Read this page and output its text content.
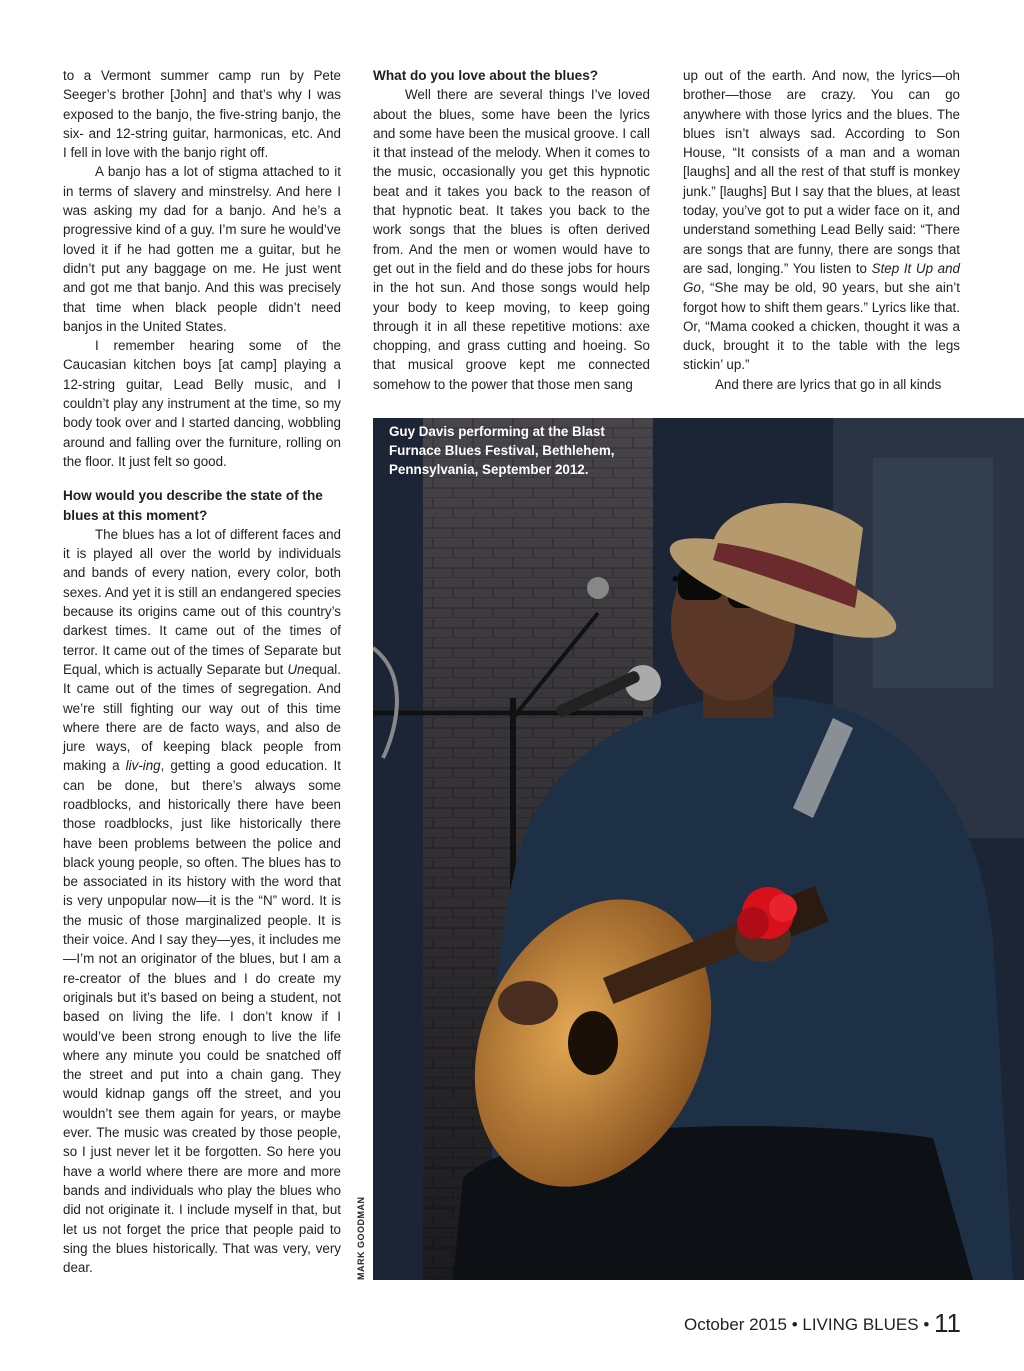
to a Vermont summer camp run by Pete Seeger’s brother [John] and that’s why I was exposed to the banjo, the five-string banjo, the six- and 12-string guitar, harmonicas, etc. And I fell in love with the banjo right off.

A banjo has a lot of stigma attached to it in terms of slavery and minstrelsy. And here I was asking my dad for a banjo. And he’s a progressive kind of a guy. I’m sure he would’ve loved it if he had gotten me a guitar, but he didn’t put any baggage on me. He just went and got me that banjo. And this was precisely that time when black people didn’t need banjos in the United States.

I remember hearing some of the Caucasian kitchen boys [at camp] playing a 12-string guitar, Lead Belly music, and I couldn’t play any instrument at the time, so my body took over and I started dancing, wobbling around and falling over the furniture, rolling on the floor. It just felt so good.

How would you describe the state of the blues at this moment?

The blues has a lot of different faces and it is played all over the world by individuals and bands of every nation, every color, both sexes. And yet it is still an endangered species because its origins came out of this country’s darkest times. It came out of the times of terror. It came out of the times of Separate but Equal, which is actually Separate but Unequal. It came out of the times of segregation. And we’re still fighting our way out of this time where there are de facto ways, and also de jure ways, of keeping black people from making a liv-ing, getting a good education. It can be done, but there’s always some roadblocks, and historically there have been those roadblocks, just like historically there have been problems between the police and black young people, so often. The blues has to be associated in its history with the word that is very unpopular now—it is the “N” word. It is the music of those marginalized people. It is their voice. And I say they—yes, it includes me—I’m not an originator of the blues, but I am a re-creator of the blues and I do create my originals but it’s based on being a student, not based on living the life. I don’t know if I would’ve been strong enough to live the life where any minute you could be snatched off the street and put into a chain gang. They would kidnap gangs off the street, and you wouldn’t see them again for years, or maybe ever. The music was created by those people, so I just never let it be forgotten. So here you have a world where there are more and more bands and individuals who play the blues who did not originate it. I include myself in that, but let us not forget the price that people paid to sing the blues historically. That was very, very dear.

What do you love about the blues?

Well there are several things I’ve loved about the blues, some have been the lyrics and some have been the musical groove. I call it that instead of the melody. When it comes to the music, occasionally you get this hypnotic beat and it takes you back to the reason of that hypnotic beat. It takes you back to the work songs that the blues is often derived from. And the men or women would have to get out in the field and do these jobs for hours in the hot sun. And those songs would help your body to keep moving, to keep going through it in all these repetitive motions: axe chopping, and grass cutting and hoeing. So that musical groove kept me connected somehow to the power that those men sang

up out of the earth. And now, the lyrics—oh brother—those are crazy. You can go anywhere with those lyrics and the blues. The blues isn’t always sad. According to Son House, “It consists of a man and a woman [laughs] and all the rest of that stuff is monkey junk.” [laughs] But I say that the blues, at least today, you’ve got to put a wider face on it, and understand something Lead Belly said: “There are songs that are funny, there are songs that are sad, longing.” You listen to Step It Up and Go, “She may be old, 90 years, but she ain’t forgot how to shift them gears.” Lyrics like that. Or, “Mama cooked a chicken, thought it was a duck, brought it to the table with the legs stickin’ up.”

And there are lyrics that go in all kinds

Guy Davis performing at the Blast Furnace Blues Festival, Bethlehem, Pennsylvania, September 2012.
MARK GOODMAN
October 2015 • LIVING BLUES • 11
